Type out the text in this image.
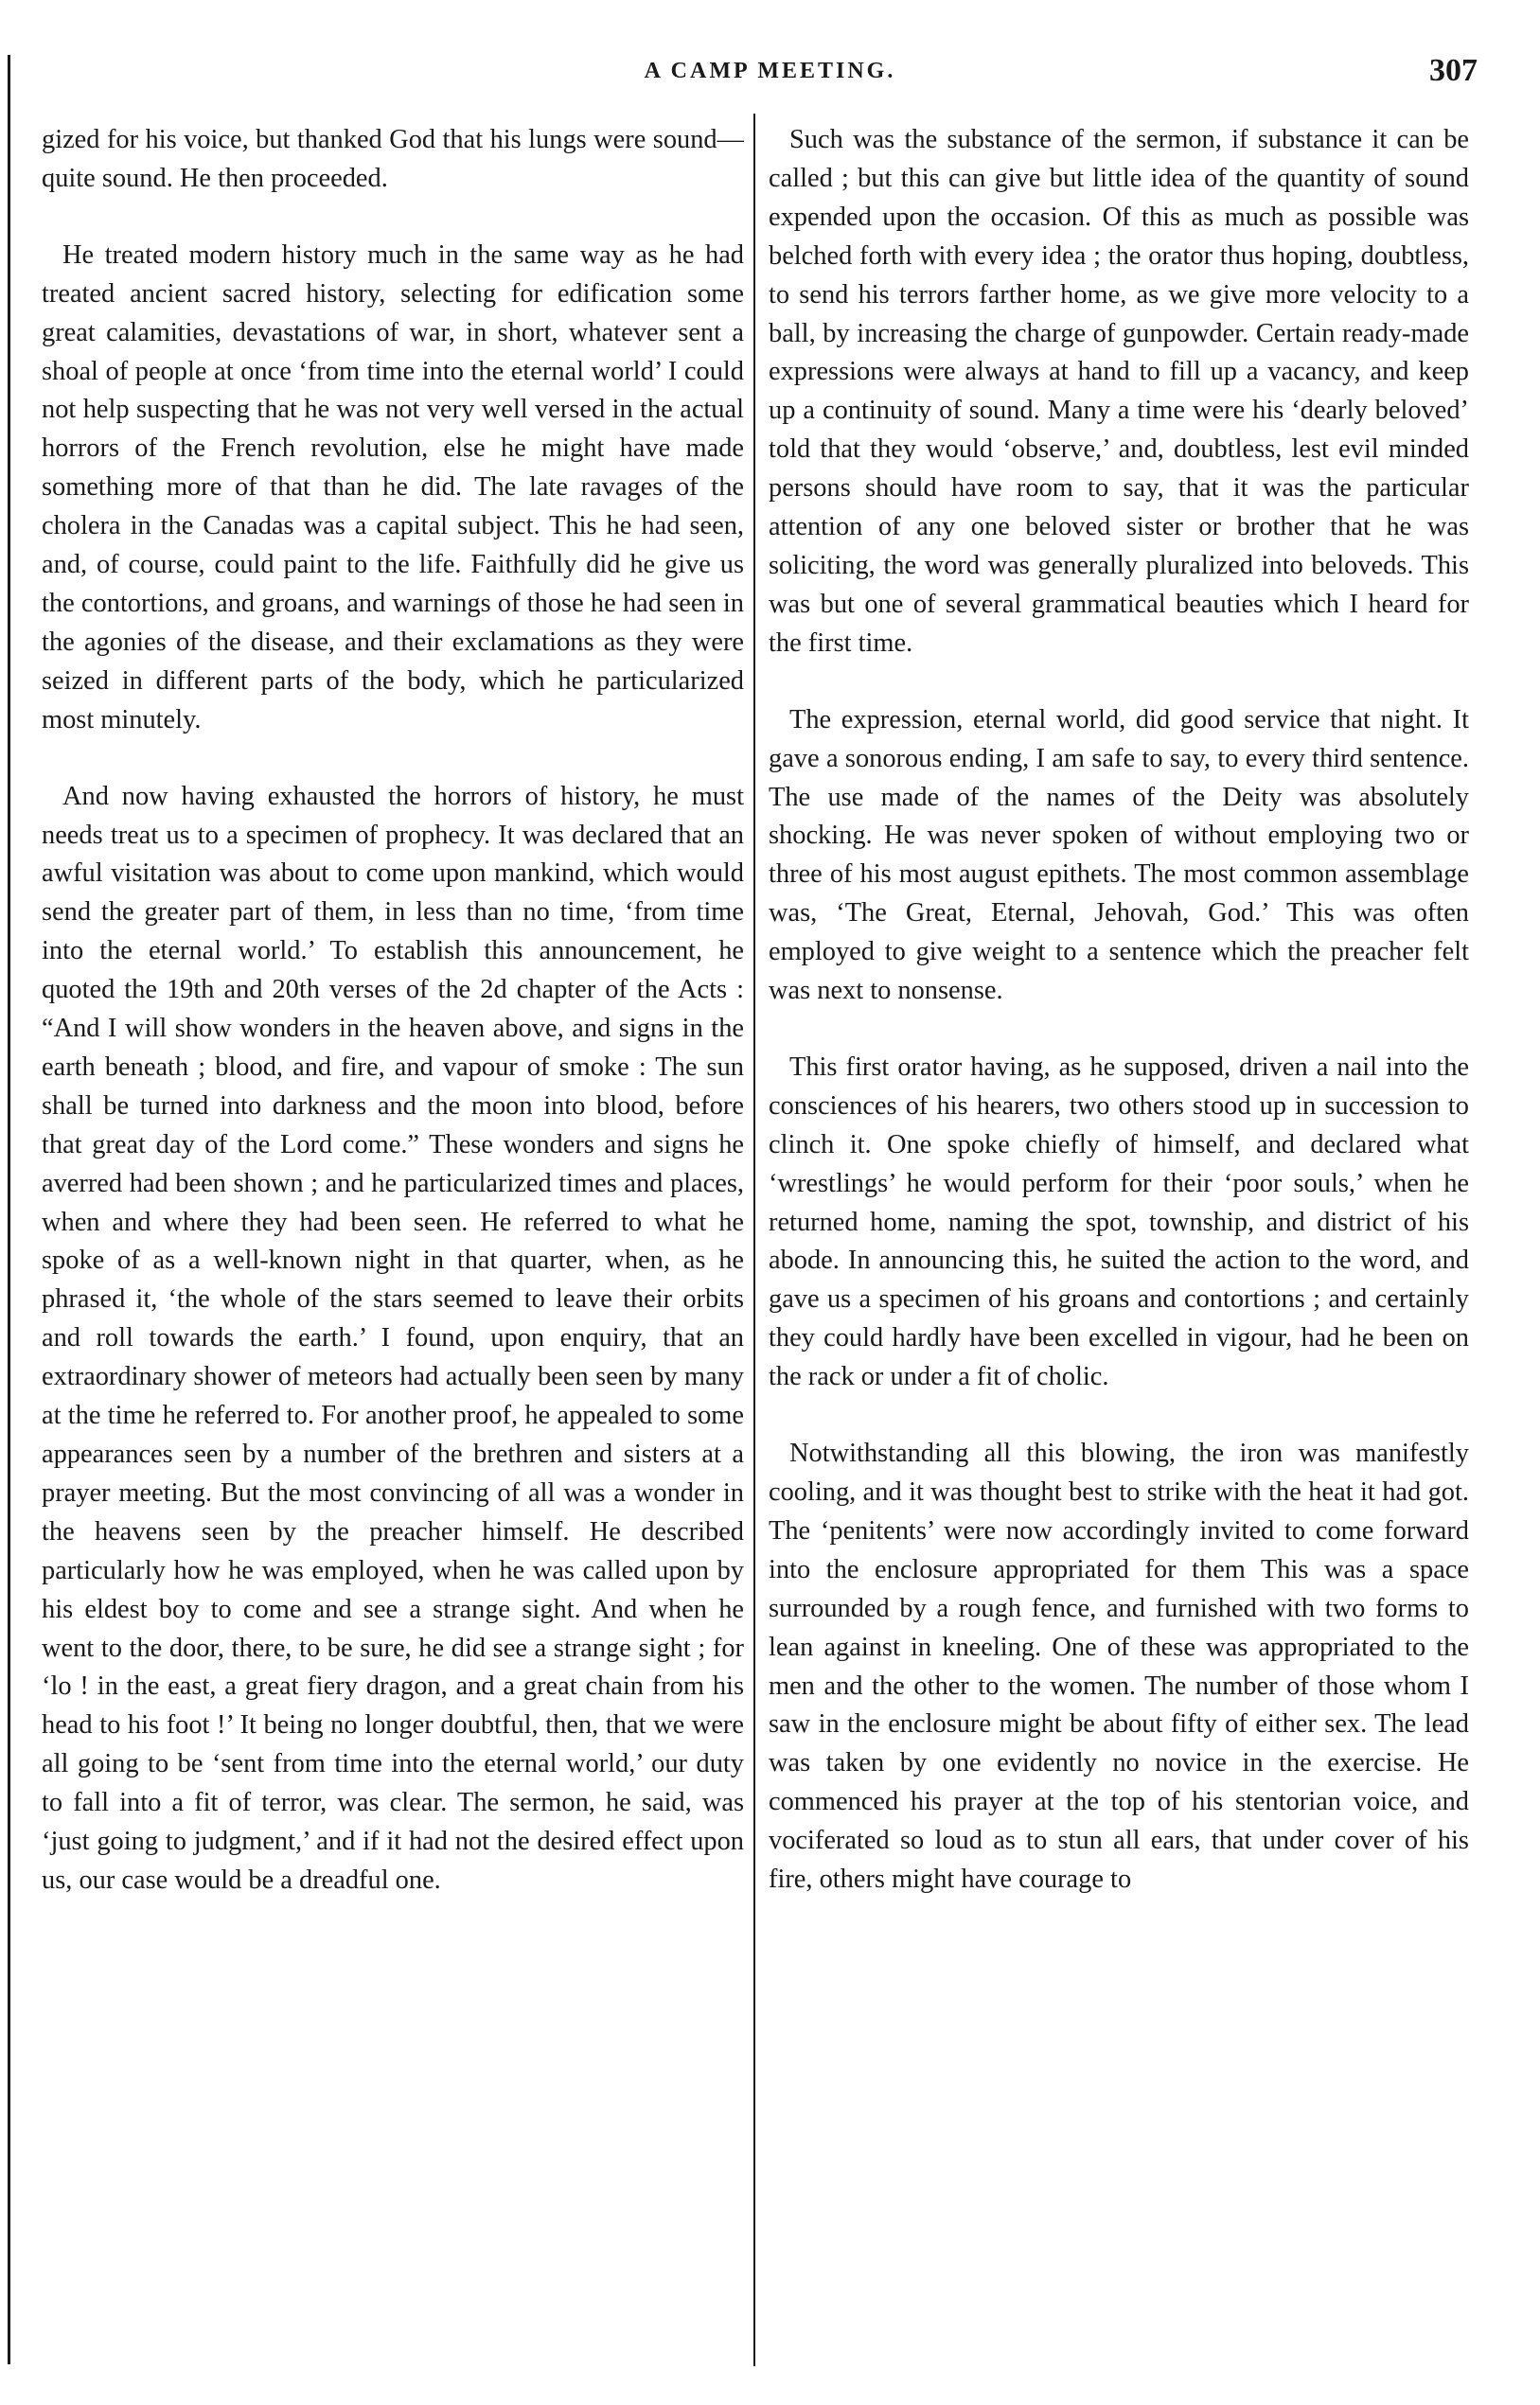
A CAMP MEETING.	307

gized for his voice, but thanked God that his lungs were sound—quite sound. He then proceeded.

He treated modern history much in the same way as he had treated ancient sacred history, selecting for edification some great calamities, devastations of war, in short, whatever sent a shoal of people at once ‘from time into the eternal world’ I could not help suspecting that he was not very well versed in the actual horrors of the French revolution, else he might have made something more of that than he did. The late ravages of the cholera in the Canadas was a capital subject. This he had seen, and, of course, could paint to the life. Faithfully did he give us the contortions, and groans, and warnings of those he had seen in the agonies of the disease, and their exclamations as they were seized in different parts of the body, which he particularized most minutely.

And now having exhausted the horrors of history, he must needs treat us to a specimen of prophecy. It was declared that an awful visitation was about to come upon mankind, which would send the greater part of them, in less than no time, ‘from time into the eternal world.’ To establish this announcement, he quoted the 19th and 20th verses of the 2d chapter of the Acts : “And I will show wonders in the heaven above, and signs in the earth beneath ; blood, and fire, and vapour of smoke : The sun shall be turned into darkness and the moon into blood, before that great day of the Lord come.” These wonders and signs he averred had been shown ; and he particularized times and places, when and where they had been seen. He referred to what he spoke of as a well-known night in that quarter, when, as he phrased it, ‘the whole of the stars seemed to leave their orbits and roll towards the earth.’ I found, upon enquiry, that an extraordinary shower of meteors had actually been seen by many at the time he referred to. For another proof, he appealed to some appearances seen by a number of the brethren and sisters at a prayer meeting. But the most convincing of all was a wonder in the heavens seen by the preacher himself. He described particularly how he was employed, when he was called upon by his eldest boy to come and see a strange sight. And when he went to the door, there, to be sure, he did see a strange sight ; for ‘lo ! in the east, a great fiery dragon, and a great chain from his head to his foot !’ It being no longer doubtful, then, that we were all going to be ‘sent from time into the eternal world,’ our duty to fall into a fit of terror, was clear. The sermon, he said, was ‘just going to judgment,’ and if it had not the desired effect upon us, our case would be a dreadful one.

Such was the substance of the sermon, if substance it can be called ; but this can give but little idea of the quantity of sound expended upon the occasion. Of this as much as possible was belched forth with every idea ; the orator thus hoping, doubtless, to send his terrors farther home, as we give more velocity to a ball, by increasing the charge of gunpowder. Certain ready-made expressions were always at hand to fill up a vacancy, and keep up a continuity of sound. Many a time were his ‘dearly beloved’ told that they would ‘observe,’ and, doubtless, lest evil minded persons should have room to say, that it was the particular attention of any one beloved sister or brother that he was soliciting, the word was generally pluralized into beloveds. This was but one of several grammatical beauties which I heard for the first time.

The expression, eternal world, did good service that night. It gave a sonorous ending, I am safe to say, to every third sentence. The use made of the names of the Deity was absolutely shocking. He was never spoken of without employing two or three of his most august epithets. The most common assemblage was, ‘The Great, Eternal, Jehovah, God.’ This was often employed to give weight to a sentence which the preacher felt was next to nonsense.

This first orator having, as he supposed, driven a nail into the consciences of his hearers, two others stood up in succession to clinch it. One spoke chiefly of himself, and declared what ‘wrestlings’ he would perform for their ‘poor souls,’ when he returned home, naming the spot, township, and district of his abode. In announcing this, he suited the action to the word, and gave us a specimen of his groans and contortions ; and certainly they could hardly have been excelled in vigour, had he been on the rack or under a fit of cholic.

Notwithstanding all this blowing, the iron was manifestly cooling, and it was thought best to strike with the heat it had got. The ‘penitents’ were now accordingly invited to come forward into the enclosure appropriated for them This was a space surrounded by a rough fence, and furnished with two forms to lean against in kneeling. One of these was appropriated to the men and the other to the women. The number of those whom I saw in the enclosure might be about fifty of either sex. The lead was taken by one evidently no novice in the exercise. He commenced his prayer at the top of his stentorian voice, and vociferated so loud as to stun all ears, that under cover of his fire, others might have courage to
